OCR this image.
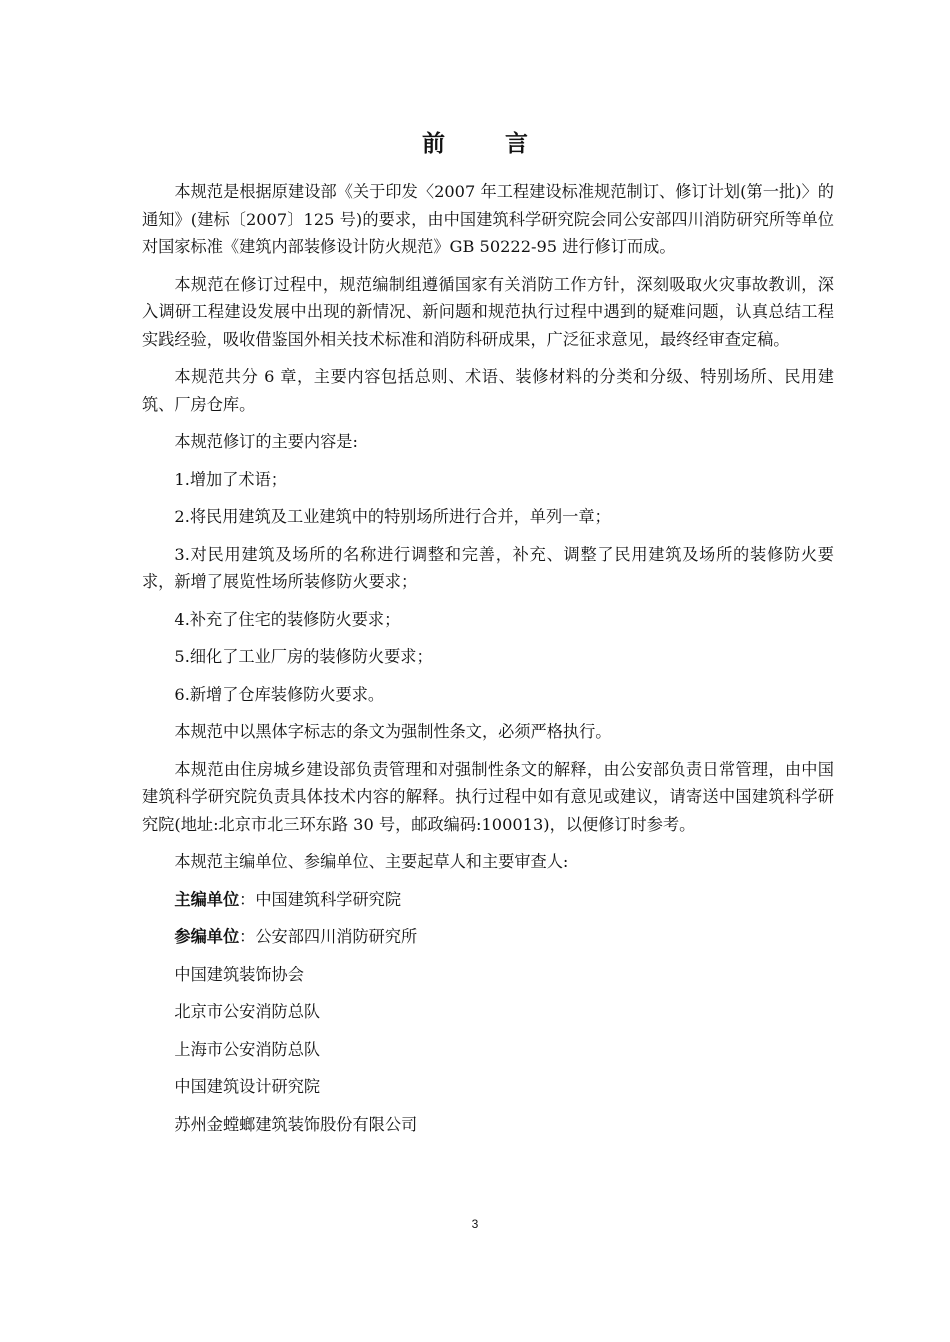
前 言

本规范是根据原建设部《关于印发〈2007 年工程建设标准规范制订、修订计划(第一批)〉的通知》(建标〔2007〕125 号)的要求，由中国建筑科学研究院会同公安部四川消防研究所等单位对国家标准《建筑内部装修设计防火规范》GB 50222-95 进行修订而成。

本规范在修订过程中，规范编制组遵循国家有关消防工作方针，深刻吸取火灾事故教训，深入调研工程建设发展中出现的新情况、新问题和规范执行过程中遇到的疑难问题，认真总结工程实践经验，吸收借鉴国外相关技术标准和消防科研成果，广泛征求意见，最终经审查定稿。

本规范共分 6 章，主要内容包括总则、术语、装修材料的分类和分级、特别场所、民用建筑、厂房仓库。

本规范修订的主要内容是:

1.增加了术语；

2.将民用建筑及工业建筑中的特别场所进行合并，单列一章；

3.对民用建筑及场所的名称进行调整和完善，补充、调整了民用建筑及场所的装修防火要求，新增了展览性场所装修防火要求；

4.补充了住宅的装修防火要求；

5.细化了工业厂房的装修防火要求；

6.新增了仓库装修防火要求。

本规范中以黑体字标志的条文为强制性条文，必须严格执行。

本规范由住房城乡建设部负责管理和对强制性条文的解释，由公安部负责日常管理，由中国建筑科学研究院负责具体技术内容的解释。执行过程中如有意见或建议，请寄送中国建筑科学研究院(地址:北京市北三环东路 30 号，邮政编码:100013)，以便修订时参考。

本规范主编单位、参编单位、主要起草人和主要审查人:

主编单位：中国建筑科学研究院

参编单位：公安部四川消防研究所

中国建筑装饰协会

北京市公安消防总队

上海市公安消防总队

中国建筑设计研究院

苏州金螳螂建筑装饰股份有限公司

3
